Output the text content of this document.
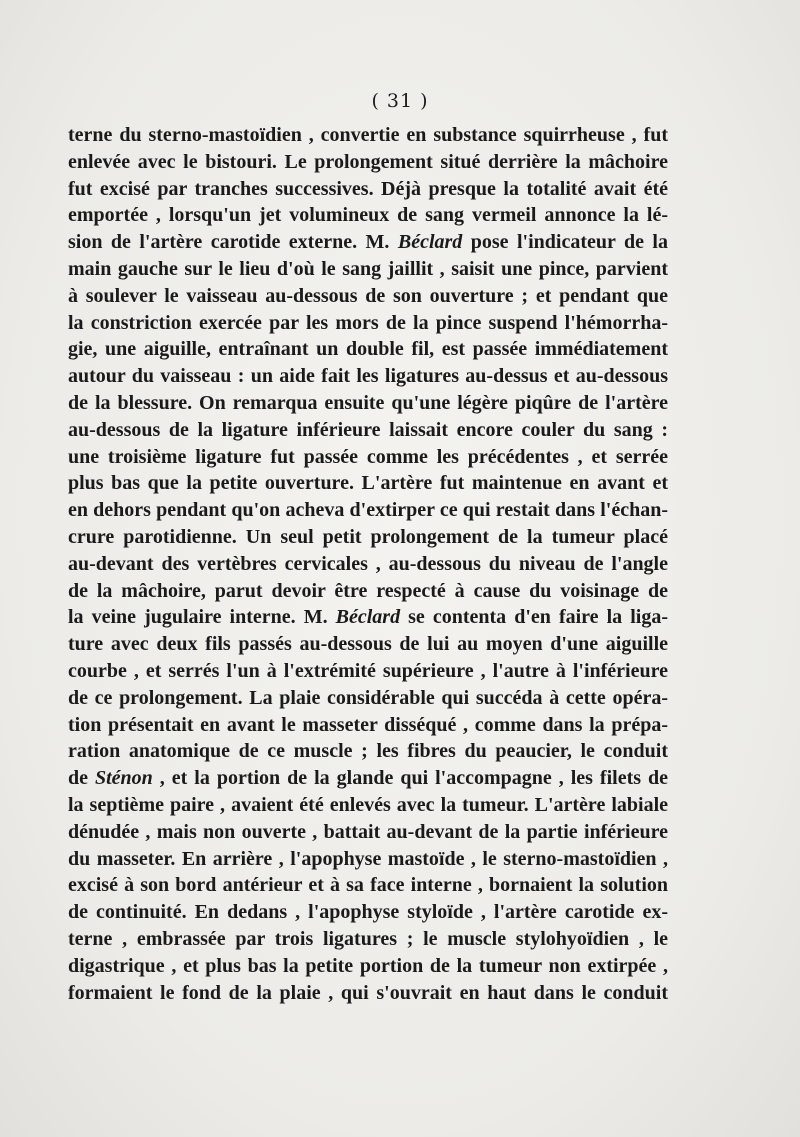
( 31 )
terne du sterno-mastoïdien , convertie en substance squirrheuse , fut
enlevée avec le bistouri. Le prolongement situé derrière la mâchoire
fut excisé par tranches successives. Déjà presque la totalité avait été
emportée , lorsqu'un jet volumineux de sang vermeil annonce la lé-
sion de l'artère carotide externe. M. Béclard pose l'indicateur de la
main gauche sur le lieu d'où le sang jaillit , saisit une pince, parvient
à soulever le vaisseau au-dessous de son ouverture ; et pendant que
la constriction exercée par les mors de la pince suspend l'hémorrha-
gie, une aiguille, entraînant un double fil, est passée immédiatement
autour du vaisseau : un aide fait les ligatures au-dessus et au-dessous
de la blessure. On remarqua ensuite qu'une légère piqûre de l'artère
au-dessous de la ligature inférieure laissait encore couler du sang :
une troisième ligature fut passée comme les précédentes , et serrée
plus bas que la petite ouverture. L'artère fut maintenue en avant et
en dehors pendant qu'on acheva d'extirper ce qui restait dans l'échan-
crure parotidienne. Un seul petit prolongement de la tumeur placé
au-devant des vertèbres cervicales , au-dessous du niveau de l'angle
de la mâchoire, parut devoir être respecté à cause du voisinage de
la veine jugulaire interne. M. Béclard se contenta d'en faire la liga-
ture avec deux fils passés au-dessous de lui au moyen d'une aiguille
courbe , et serrés l'un à l'extrémité supérieure , l'autre à l'inférieure
de ce prolongement. La plaie considérable qui succéda à cette opéra-
tion présentait en avant le masseter disséqué , comme dans la prépa-
ration anatomique de ce muscle ; les fibres du peaucier, le conduit
de Sténon , et la portion de la glande qui l'accompagne , les filets de
la septième paire , avaient été enlevés avec la tumeur. L'artère labiale
dénudée , mais non ouverte , battait au-devant de la partie inférieure
du masseter. En arrière , l'apophyse mastoïde , le sterno-mastoïdien ,
excisé à son bord antérieur et à sa face interne , bornaient la solution
de continuité. En dedans , l'apophyse styloïde , l'artère carotide ex-
terne , embrassée par trois ligatures ; le muscle stylohyoïdien , le
digastrique , et plus bas la petite portion de la tumeur non extirpée ,
formaient le fond de la plaie , qui s'ouvrait en haut dans le conduit
